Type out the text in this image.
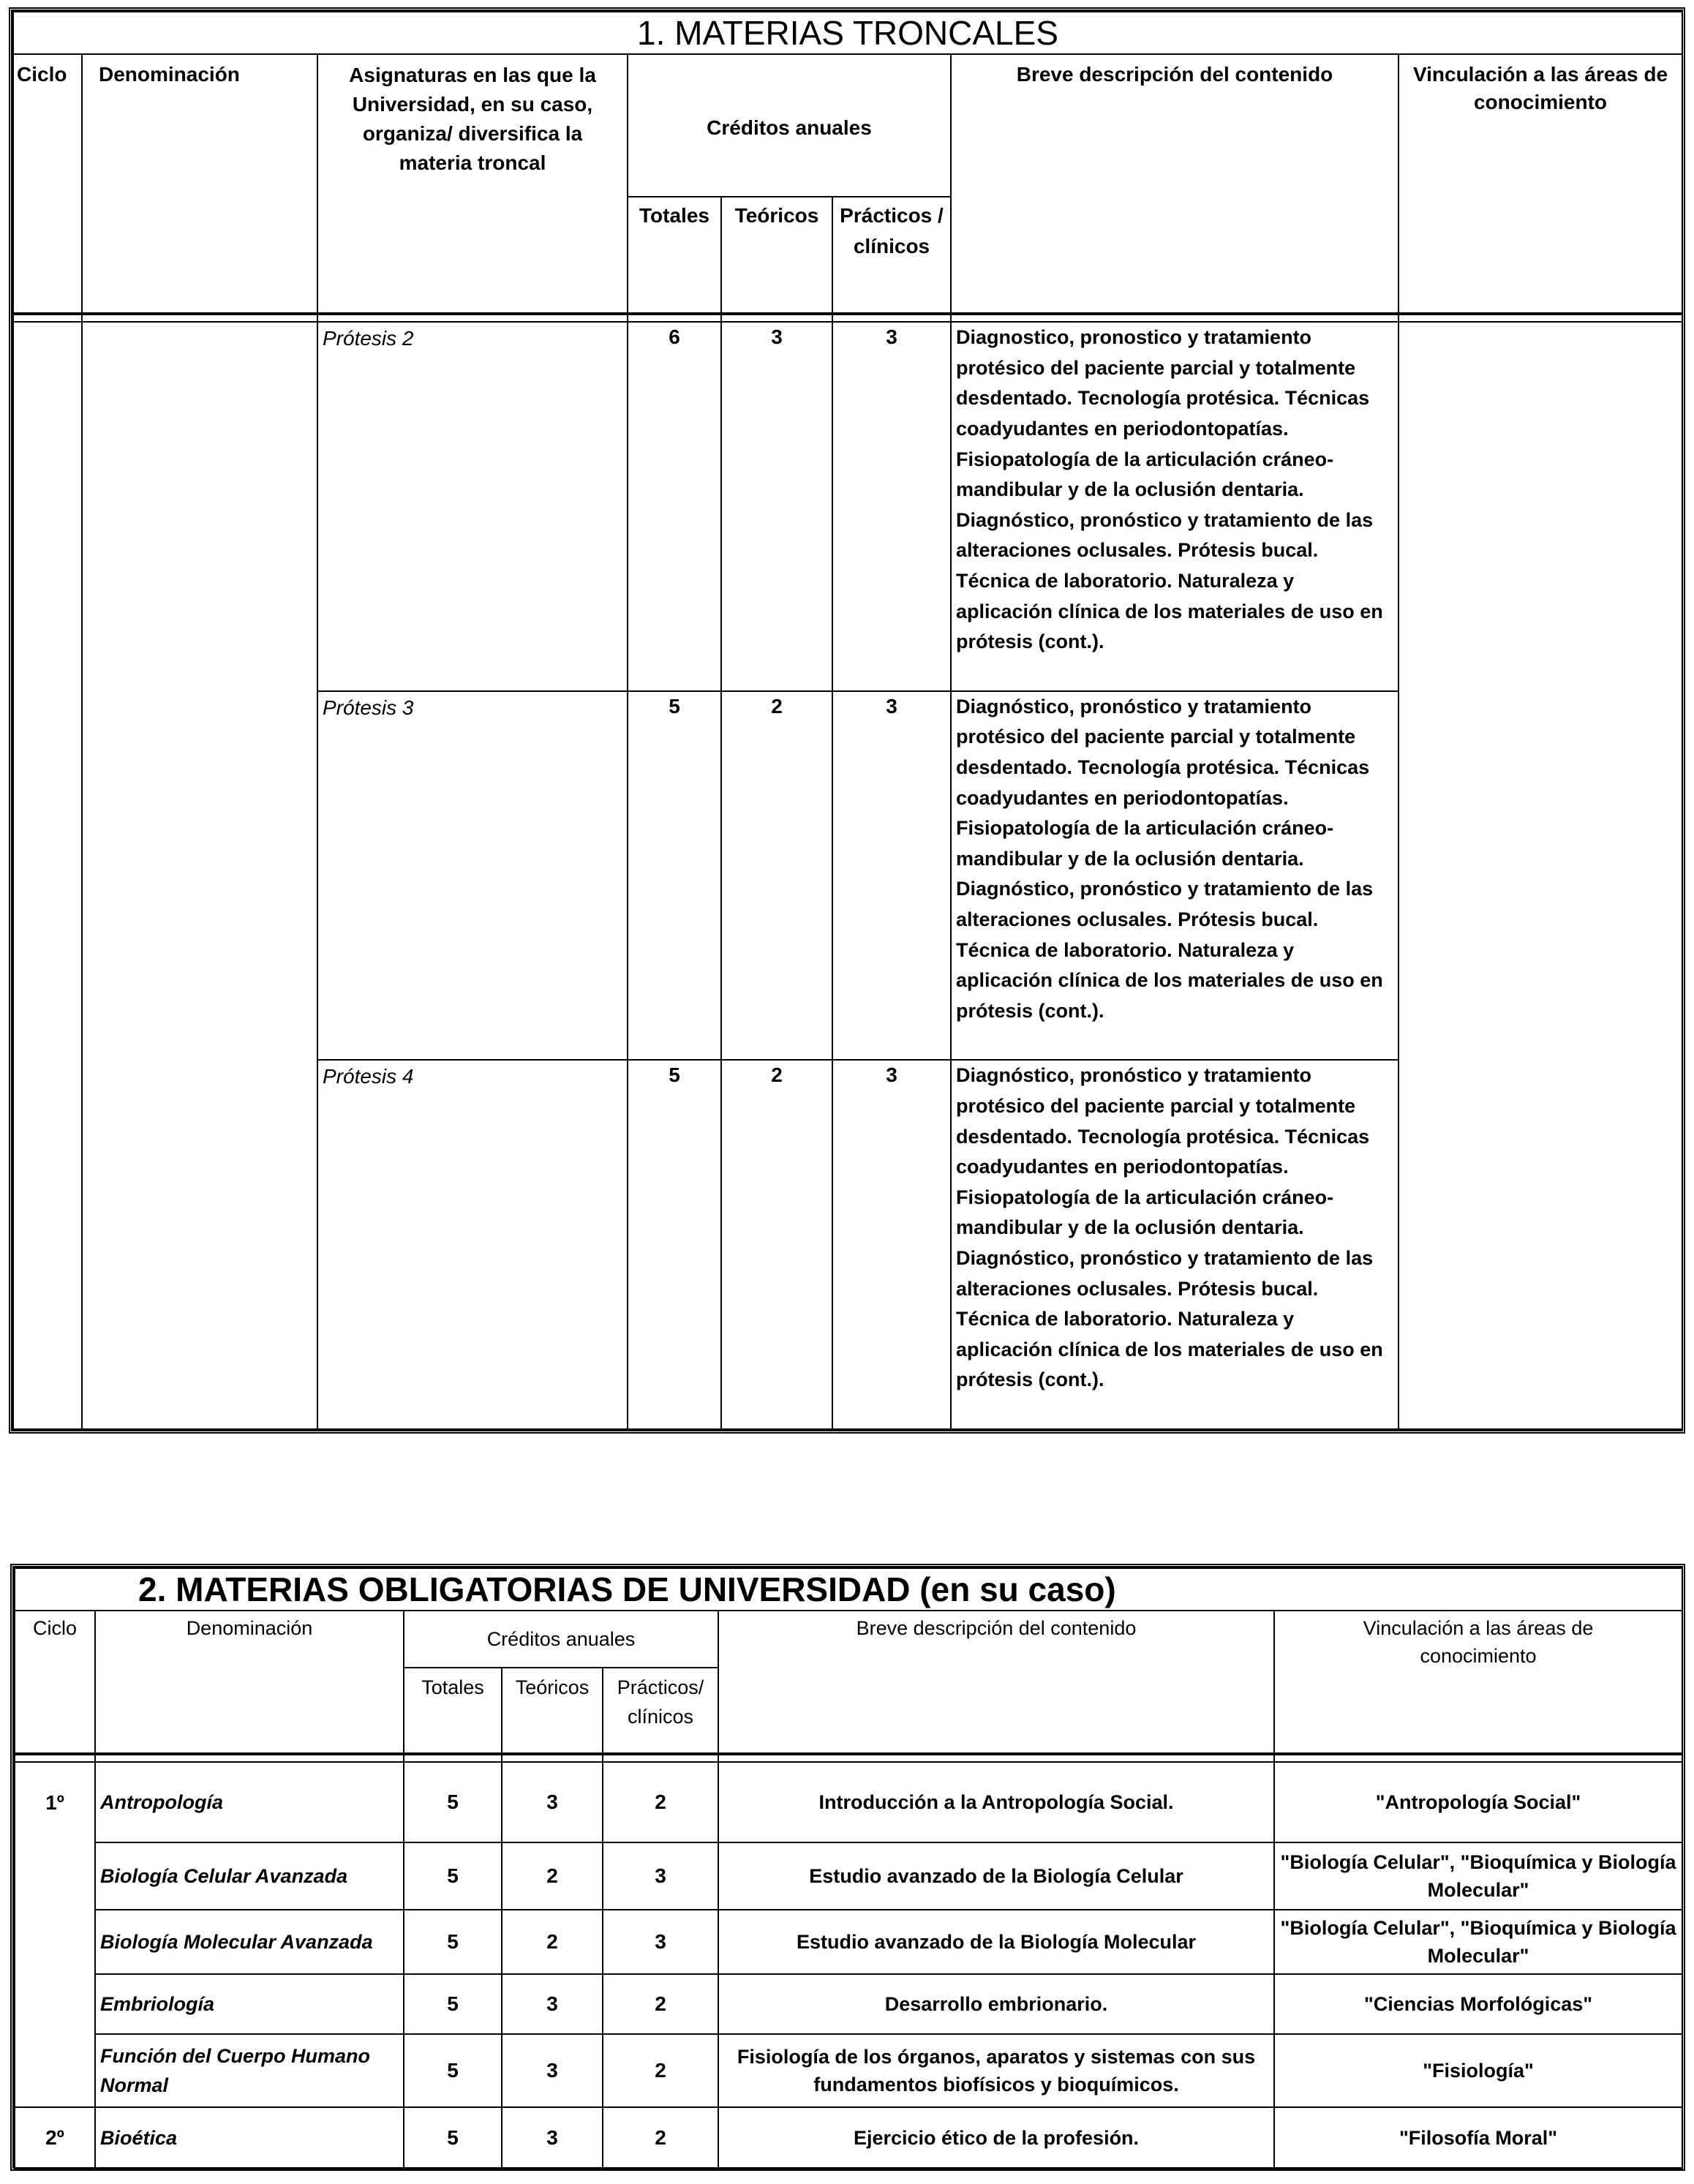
1. MATERIAS TRONCALES							
Ciclo	Denominación	Asignaturas en las que la Universidad, en su caso, organiza/ diversifica la materia troncal	Créditos anuales			Breve descripción del contenido	Vinculación a las áreas de conocimiento
			Totales	Teóricos	Prácticos / clínicos		

		Prótesis 2	6	3	3	Diagnostico, pronostico y tratamiento protésico del paciente parcial y totalmente desdentado. Tecnología protésica. Técnicas coadyudantes en periodontopatías. Fisiopatología de la articulación cráneo-mandibular y de la oclusión dentaria. Diagnóstico, pronóstico y tratamiento de las alteraciones oclusales. Prótesis bucal. Técnica de laboratorio. Naturaleza y aplicación clínica de los materiales de uso en prótesis (cont.).	
		Prótesis 3	5	2	3	Diagnóstico, pronóstico y tratamiento protésico del paciente parcial y totalmente desdentado. Tecnología protésica. Técnicas coadyudantes en periodontopatías. Fisiopatología de la articulación cráneo-mandibular y de la oclusión dentaria. Diagnóstico, pronóstico y tratamiento de las alteraciones oclusales. Prótesis bucal. Técnica de laboratorio. Naturaleza y aplicación clínica de los materiales de uso en prótesis (cont.).	
		Prótesis 4	5	2	3	Diagnóstico, pronóstico y tratamiento protésico del paciente parcial y totalmente desdentado. Tecnología protésica. Técnicas coadyudantes en periodontopatías. Fisiopatología de la articulación cráneo-mandibular y de la oclusión dentaria. Diagnóstico, pronóstico y tratamiento de las alteraciones oclusales. Prótesis bucal. Técnica de laboratorio. Naturaleza y aplicación clínica de los materiales de uso en prótesis (cont.).	
2. MATERIAS OBLIGATORIAS DE UNIVERSIDAD (en su caso)						
Ciclo	Denominación	Créditos anuales			Breve descripción del contenido	Vinculación a las áreas de conocimiento
		Totales	Teóricos	Prácticos/ clínicos		

1º	Antropología	5	3	2	Introducción a la Antropología Social.	"Antropología Social"
	Biología Celular Avanzada	5	2	3	Estudio avanzado de la Biología Celular	"Biología Celular", "Bioquímica y Biología Molecular"
	Biología Molecular Avanzada	5	2	3	Estudio avanzado de la Biología Molecular	"Biología Celular", "Bioquímica y Biología Molecular"
	Embriología	5	3	2	Desarrollo embrionario.	"Ciencias Morfológicas"
	Función del Cuerpo Humano Normal	5	3	2	Fisiología de los órganos, aparatos y sistemas con sus fundamentos biofísicos y bioquímicos.	"Fisiología"
2º	Bioética	5	3	2	Ejercicio ético de la profesión.	"Filosofía Moral"
